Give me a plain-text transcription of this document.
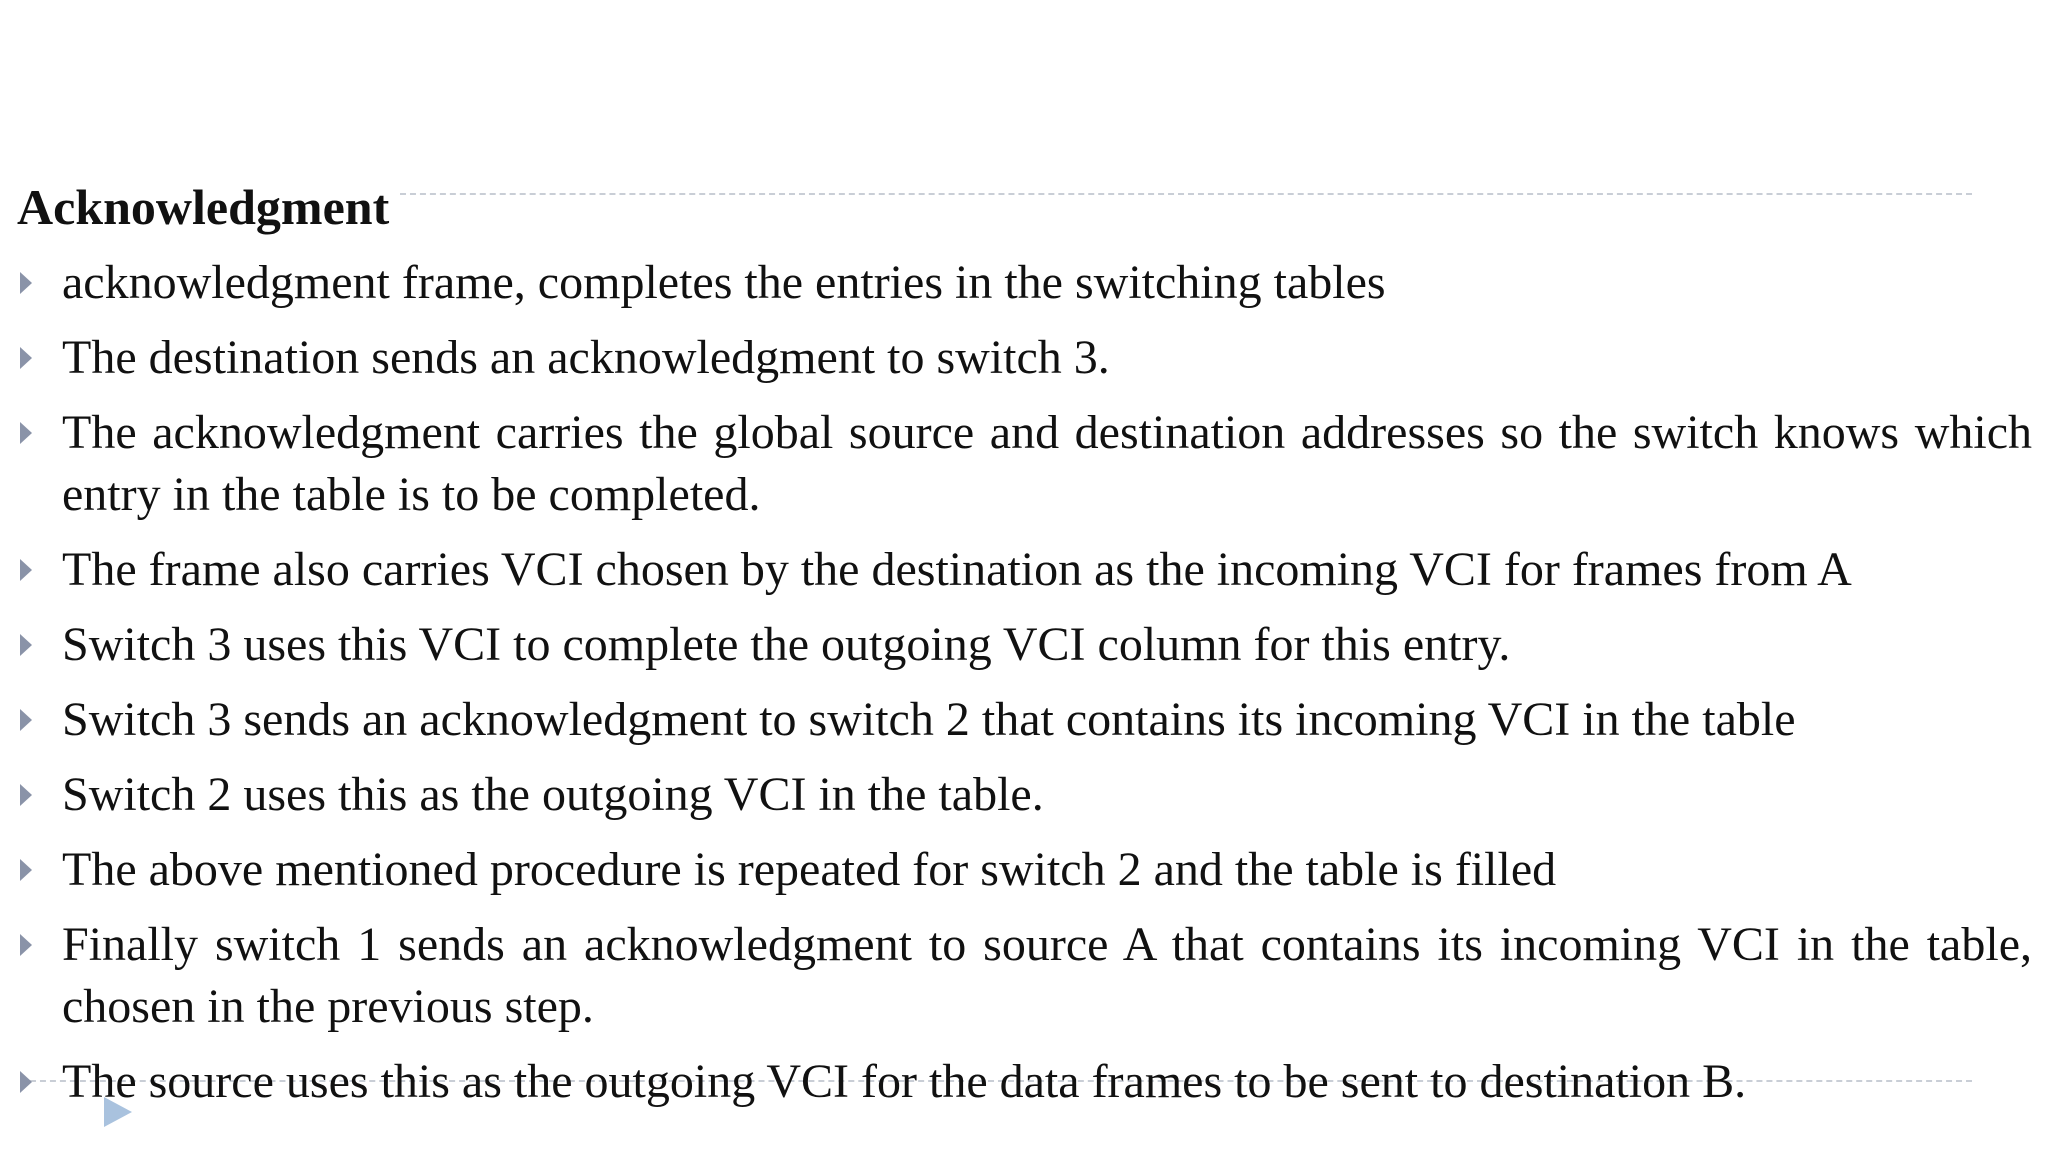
Acknowledgment

acknowledgment frame, completes the entries in the switching tables

The destination sends an acknowledgment to switch 3.

The acknowledgment carries the global source and destination addresses so the switch knows which entry in the table is to be completed.

The frame also carries VCI chosen by the destination as the incoming VCI for frames from A

Switch 3 uses this VCI to complete the outgoing VCI column for this entry.

Switch 3 sends an acknowledgment to switch 2 that contains its incoming VCI in the table

Switch 2 uses this as the outgoing VCI in the table.

The above mentioned procedure is repeated for switch 2 and the table is filled

Finally switch 1 sends an acknowledgment to source A that contains its incoming VCI in the table, chosen in the previous step.

The source uses this as the outgoing VCI for the data frames to be sent to destination B.
